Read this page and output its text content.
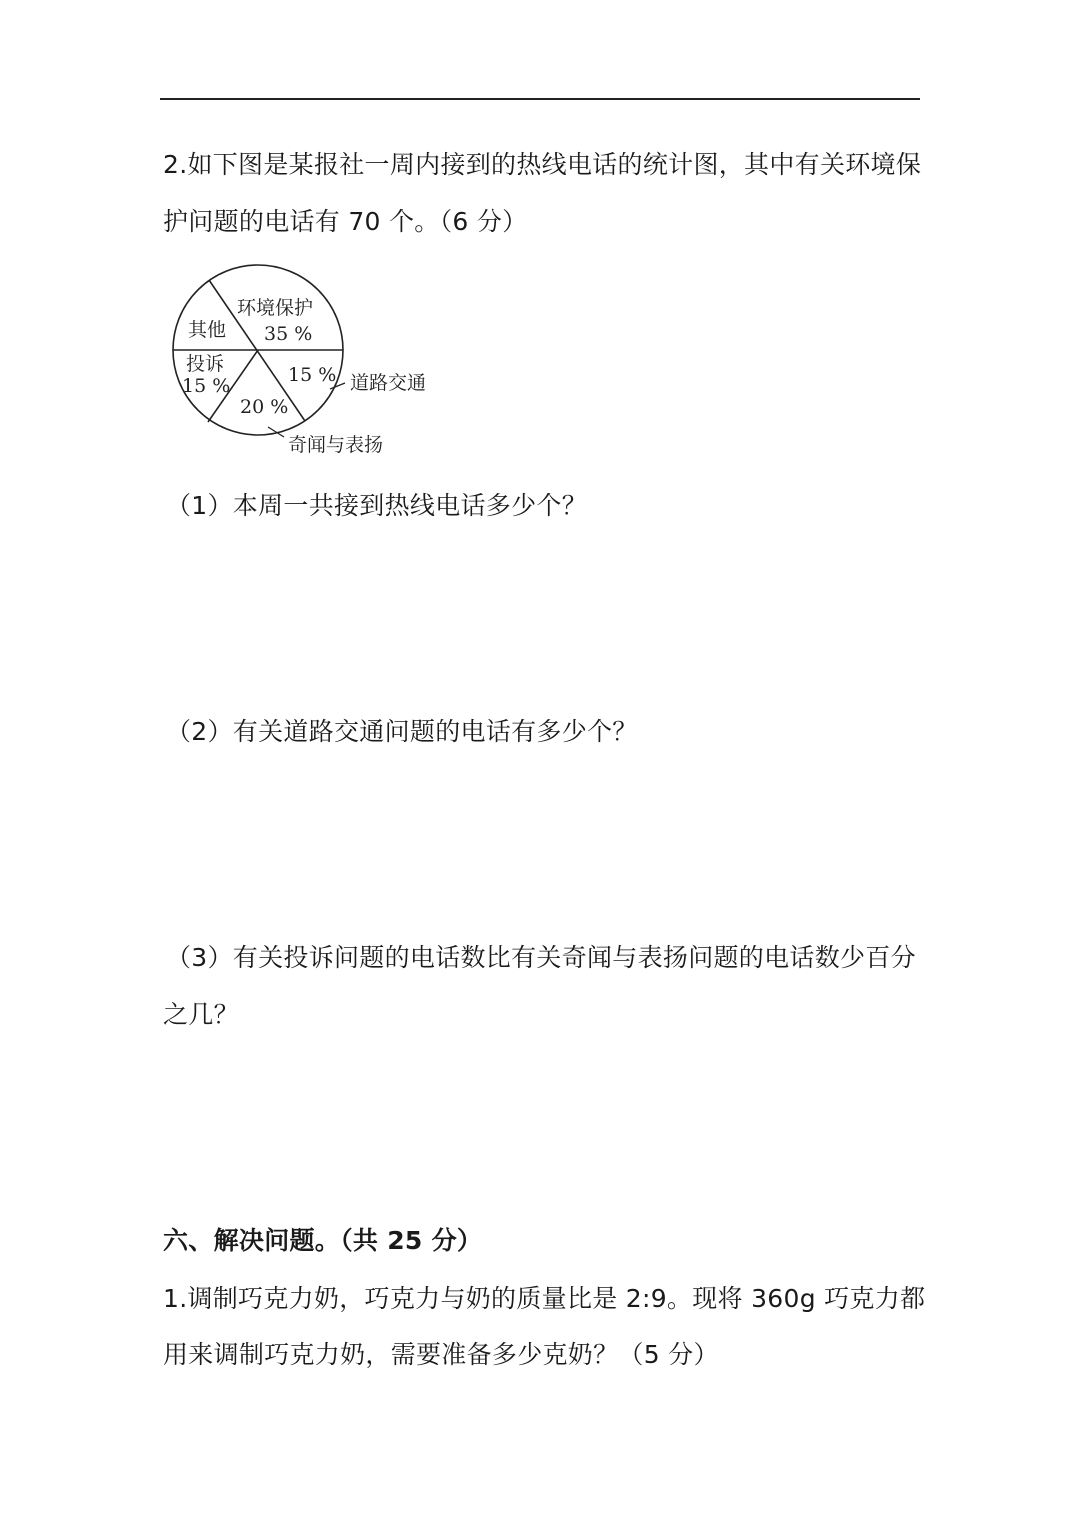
2.如下图是某报社一周内接到的热线电话的统计图，其中有关环境保
护问题的电话有 70 个。（6 分）
环境保护
35 %
其他
投诉
15 %	15 % 道路交通
20 %
奇闻与表扬
（1）本周一共接到热线电话多少个？
（2）有关道路交通问题的电话有多少个？
（3）有关投诉问题的电话数比有关奇闻与表扬问题的电话数少百分
之几？
六、解决问题。（共 25 分）
1.调制巧克力奶，巧克力与奶的质量比是 2:9。现将 360g 巧克力都
用来调制巧克力奶，需要准备多少克奶？（5 分）
